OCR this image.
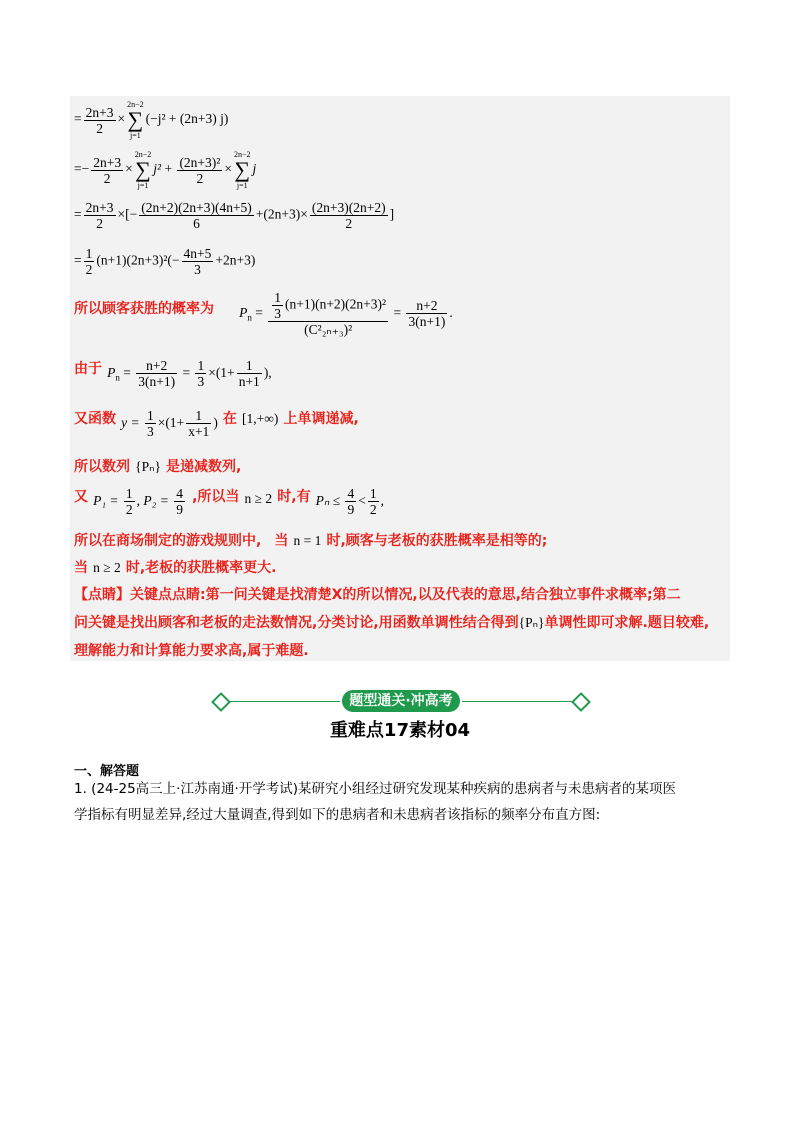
= $\frac{2n+3}{2}$ ×
2n−2
∑
j=1
(−j² + (2n+3) j)
=− $\frac{2n+3}{2}$ ×
2n−2
∑
j=1
$j^2 + \frac{\text{(2n+3)²}}{2}$ ×
2n−2
∑
j=1
j
= $\frac{2n+3}{2}$ ×[− $\frac{(2n+2)(2n+3)(4n+5)}{6} +(2n+3)\times \frac{(2n+3)(2n+2)}{2}$ ]
= $\frac{1}{2} (n+1)(2n+3)^2(- \frac{4n+5}{3} +2n+3)$
所以顾客获胜的概率为 $P_n = \frac{\frac{1}{3} (n+1)(n+2)(2n+3)^2}{\text{(C²₂ₙ₊₃)²}} = \frac{n+2}{3(n+1)}$ .
由于 $P_n = \frac{n+2}{3(n+1)} = \frac{1}{3} \times(1+ \frac{1}{n+1}$ ),
又函数 $y = \frac{1}{3} \times(1+ \frac{1}{x+1}$ ) 在 $^{[1,+\infty)}$ 上单调递减,
所以数列 {Pₙ} 是递减数列,
又 $P_1 = \frac{1}{2}$ , $P_2 = \frac{4}{9}$ ,所以当 n ≥ 2 时,有 $P_n \le \frac{4}{9} < \frac{1}{2}$ ,
所以在商场制定的游戏规则中, 当 n = 1 时,顾客与老板的获胜概率是相等的;
当 n ≥ 2 时,老板的获胜概率更大.
【点睛】关键点点睛:第一问关键是找清楚X的所以情况,以及代表的意思,结合独立事件求概率;第二
问关键是找出顾客和老板的走法数情况,分类讨论,用函数单调性结合得到{Pₙ}单调性即可求解.题目较难,
理解能力和计算能力要求高,属于难题.
题型通关·冲高考
重难点17素材04
一、解答题
1. (24-25高三上·江苏南通·开学考试)某研究小组经过研究发现某种疾病的患病者与未患病者的某项医
学指标有明显差异,经过大量调查,得到如下的患病者和未患病者该指标的频率分布直方图:
